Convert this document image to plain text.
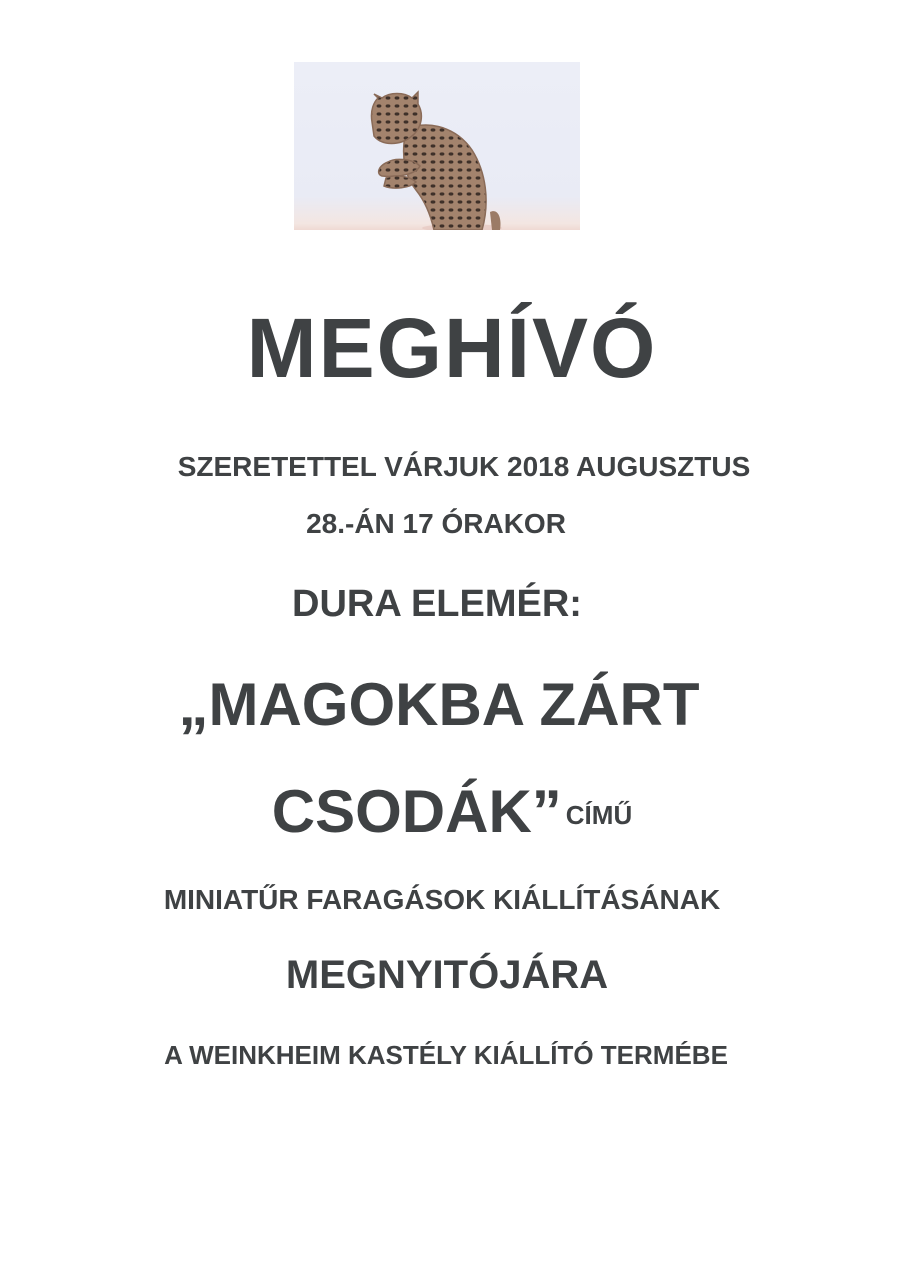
MEGHÍVÓ
SZERETETTEL VÁRJUK 2018 AUGUSZTUS
28.-ÁN 17 ÓRAKOR
DURA ELEMÉR:
„MAGOKBA ZÁRT
CSODÁK” CÍMŰ
MINIATŰR FARAGÁSOK KIÁLLÍTÁSÁNAK
MEGNYITÓJÁRA
A WEINKHEIM KASTÉLY KIÁLLÍTÓ TERMÉBE
